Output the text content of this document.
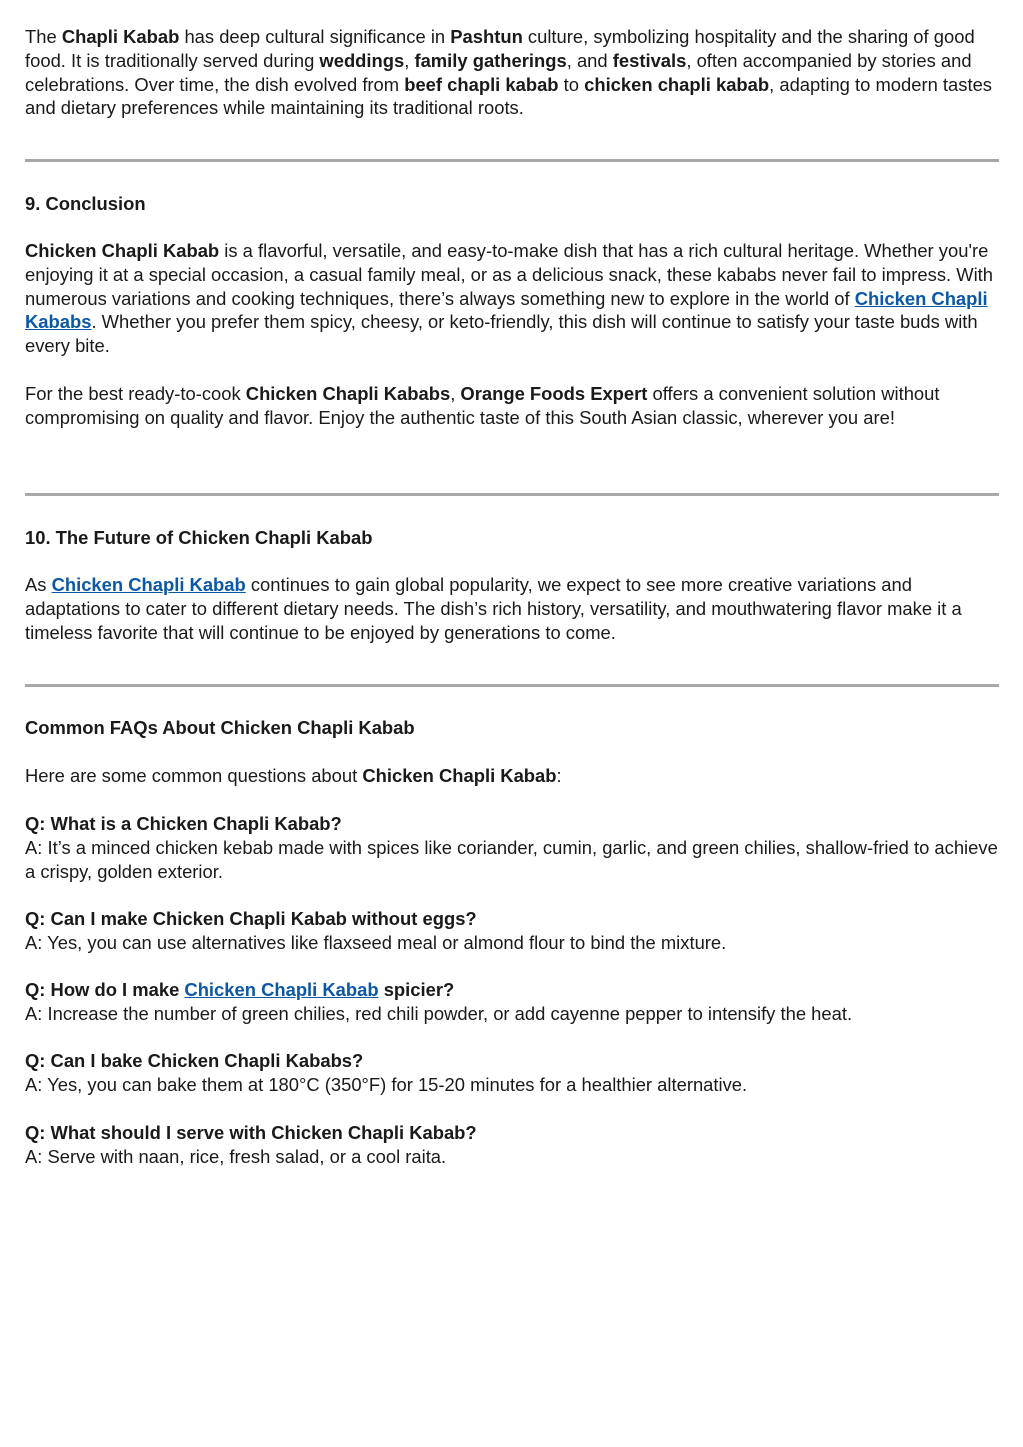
The Chapli Kabab has deep cultural significance in Pashtun culture, symbolizing hospitality and the sharing of good food. It is traditionally served during weddings, family gatherings, and festivals, often accompanied by stories and celebrations. Over time, the dish evolved from beef chapli kabab to chicken chapli kabab, adapting to modern tastes and dietary preferences while maintaining its traditional roots.

9. Conclusion

Chicken Chapli Kabab is a flavorful, versatile, and easy-to-make dish that has a rich cultural heritage. Whether you're enjoying it at a special occasion, a casual family meal, or as a delicious snack, these kababs never fail to impress. With numerous variations and cooking techniques, there’s always something new to explore in the world of Chicken Chapli Kababs. Whether you prefer them spicy, cheesy, or keto-friendly, this dish will continue to satisfy your taste buds with every bite.

For the best ready-to-cook Chicken Chapli Kababs, Orange Foods Expert offers a convenient solution without compromising on quality and flavor. Enjoy the authentic taste of this South Asian classic, wherever you are!

10. The Future of Chicken Chapli Kabab

As Chicken Chapli Kabab continues to gain global popularity, we expect to see more creative variations and adaptations to cater to different dietary needs. The dish’s rich history, versatility, and mouthwatering flavor make it a timeless favorite that will continue to be enjoyed by generations to come.

Common FAQs About Chicken Chapli Kabab

Here are some common questions about Chicken Chapli Kabab:

Q: What is a Chicken Chapli Kabab?

A: It’s a minced chicken kebab made with spices like coriander, cumin, garlic, and green chilies, shallow-fried to achieve a crispy, golden exterior.

Q: Can I make Chicken Chapli Kabab without eggs?

A: Yes, you can use alternatives like flaxseed meal or almond flour to bind the mixture.

Q: How do I make Chicken Chapli Kabab spicier?

A: Increase the number of green chilies, red chili powder, or add cayenne pepper to intensify the heat.

Q: Can I bake Chicken Chapli Kababs?

A: Yes, you can bake them at 180°C (350°F) for 15-20 minutes for a healthier alternative.

Q: What should I serve with Chicken Chapli Kabab?

A: Serve with naan, rice, fresh salad, or a cool raita.
